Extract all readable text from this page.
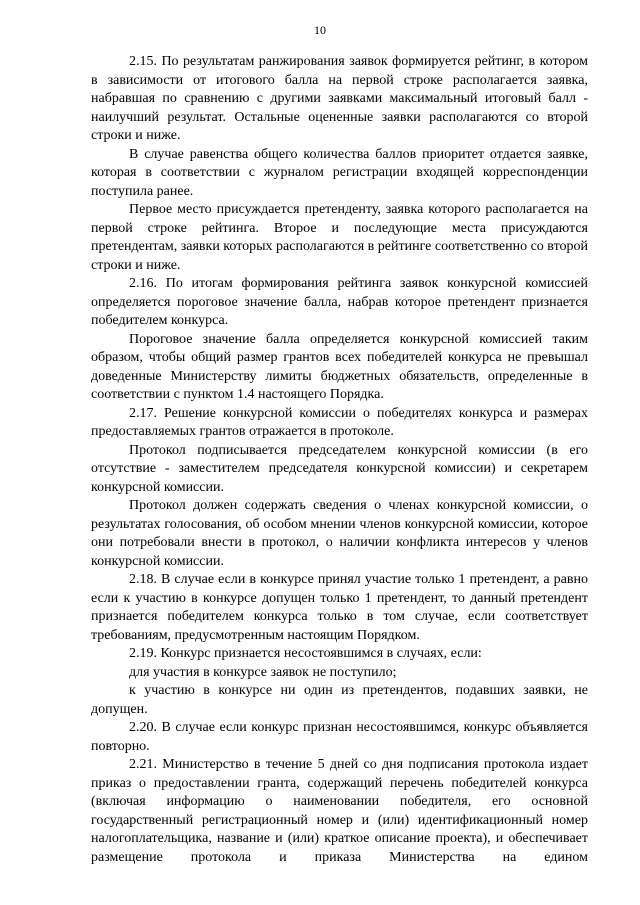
10

2.15. По результатам ранжирования заявок формируется рейтинг, в котором в зависимости от итогового балла на первой строке располагается заявка, набравшая по сравнению с другими заявками максимальный итоговый балл - наилучший результат. Остальные оцененные заявки располагаются со второй строки и ниже.

В случае равенства общего количества баллов приоритет отдается заявке, которая в соответствии с журналом регистрации входящей корреспонденции поступила ранее.

Первое место присуждается претенденту, заявка которого располагается на первой строке рейтинга. Второе и последующие места присуждаются претендентам, заявки которых располагаются в рейтинге соответственно со второй строки и ниже.

2.16. По итогам формирования рейтинга заявок конкурсной комиссией определяется пороговое значение балла, набрав которое претендент признается победителем конкурса.

Пороговое значение балла определяется конкурсной комиссией таким образом, чтобы общий размер грантов всех победителей конкурса не превышал доведенные Министерству лимиты бюджетных обязательств, определенные в соответствии с пунктом 1.4 настоящего Порядка.

2.17. Решение конкурсной комиссии о победителях конкурса и размерах предоставляемых грантов отражается в протоколе.

Протокол подписывается председателем конкурсной комиссии (в его отсутствие - заместителем председателя конкурсной комиссии) и секретарем конкурсной комиссии.

Протокол должен содержать сведения о членах конкурсной комиссии, о результатах голосования, об особом мнении членов конкурсной комиссии, которое они потребовали внести в протокол, о наличии конфликта интересов у членов конкурсной комиссии.

2.18. В случае если в конкурсе принял участие только 1 претендент, а равно если к участию в конкурсе допущен только 1 претендент, то данный претендент признается победителем конкурса только в том случае, если соответствует требованиям, предусмотренным настоящим Порядком.

2.19. Конкурс признается несостоявшимся в случаях, если:

для участия в конкурсе заявок не поступило;

к участию в конкурсе ни один из претендентов, подавших заявки, не допущен.

2.20. В случае если конкурс признан несостоявшимся, конкурс объявляется повторно.

2.21. Министерство в течение 5 дней со дня подписания протокола издает приказ о предоставлении гранта, содержащий перечень победителей конкурса (включая информацию о наименовании победителя, его основной государственный регистрационный номер и (или) идентификационный номер налогоплательщика, название и (или) краткое описание проекта), и обеспечивает размещение протокола и приказа Министерства на едином
